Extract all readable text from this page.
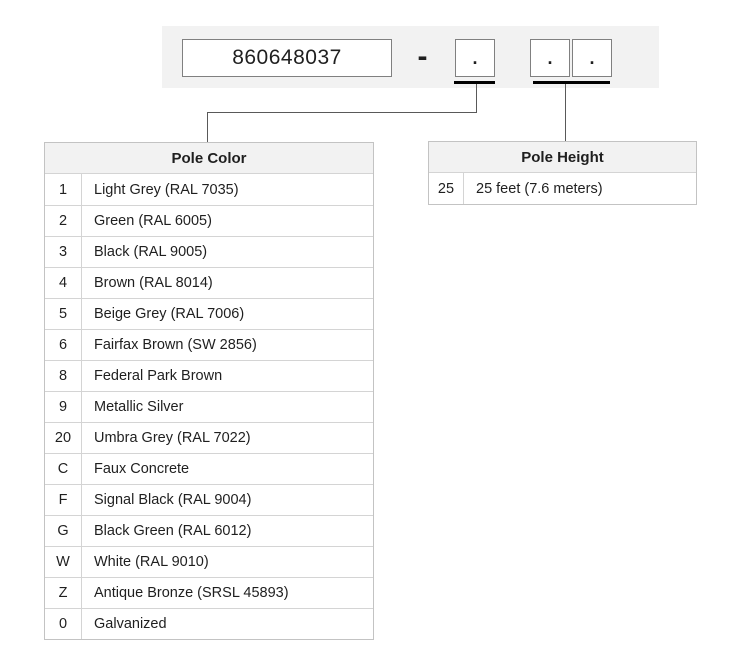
860648037	-	.	. .
Pole Color
1	Light Grey (RAL 7035)
2	Green (RAL 6005)
3	Black (RAL 9005)
4	Brown (RAL 8014)
5	Beige Grey (RAL 7006)
6	Fairfax Brown (SW 2856)
8	Federal Park Brown
9	Metallic Silver
20	Umbra Grey (RAL 7022)
C	Faux Concrete
F	Signal Black (RAL 9004)
G	Black Green (RAL 6012)
W	White (RAL 9010)
Z	Antique Bronze (SRSL 45893)
0	Galvanized
Pole Height
25	25 feet (7.6 meters)
